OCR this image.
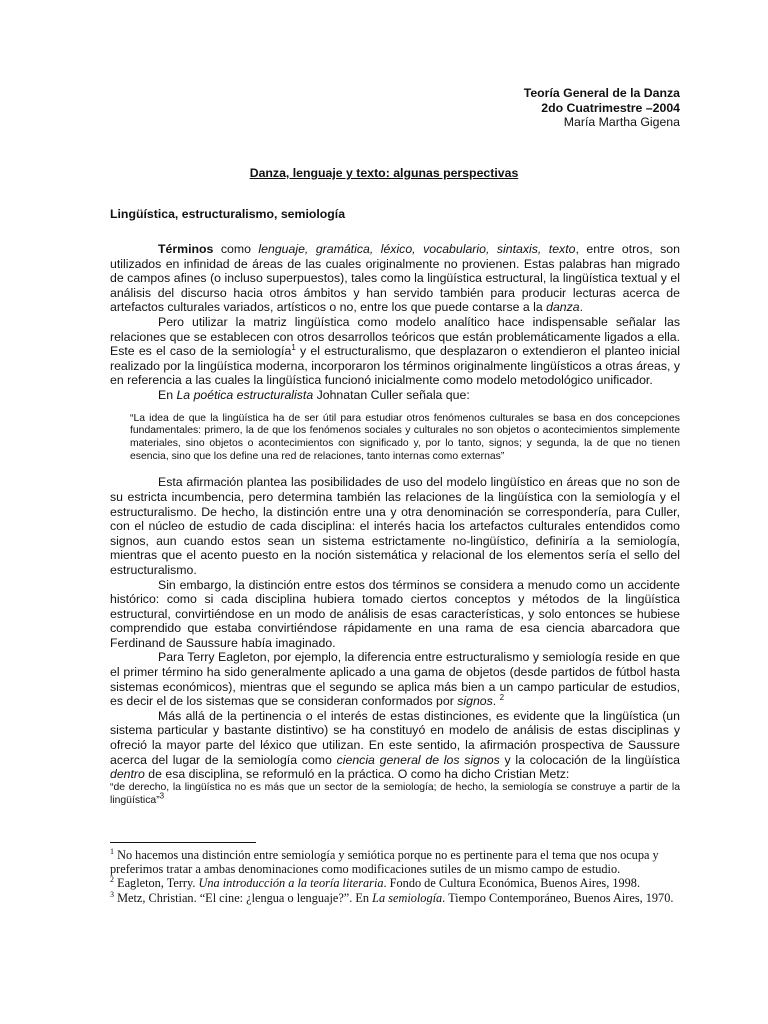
Teoría General de la Danza
2do Cuatrimestre –2004
María Martha Gigena
Danza, lenguaje y texto: algunas perspectivas
Lingüística, estructuralismo, semiología

Términos como lenguaje, gramática, léxico, vocabulario, sintaxis, texto, entre otros, son utilizados en infinidad de áreas de las cuales originalmente no provienen. Estas palabras han migrado de campos afines (o incluso superpuestos), tales como la lingüística estructural, la lingüística textual y el análisis del discurso hacia otros ámbitos y han servido también para producir lecturas acerca de artefactos culturales variados, artísticos o no, entre los que puede contarse a la danza.

Pero utilizar la matriz lingüística como modelo analítico hace indispensable señalar las relaciones que se establecen con otros desarrollos teóricos que están problemáticamente ligados a ella. Este es el caso de la semiología$^1$ y el estructuralismo, que desplazaron o extendieron el planteo inicial realizado por la lingüística moderna, incorporaron los términos originalmente lingüísticos a otras áreas, y en referencia a las cuales la lingüística funcionó inicialmente como modelo metodológico unificador.

En La poética estructuralista Johnatan Culler señala que:

“La idea de que la lingüística ha de ser útil para estudiar otros fenómenos culturales se basa en dos concepciones fundamentales: primero, la de que los fenómenos sociales y culturales no son objetos o acontecimientos simplemente materiales, sino objetos o acontecimientos con significado y, por lo tanto, signos; y segunda, la de que no tienen esencia, sino que los define una red de relaciones, tanto internas como externas”

Esta afirmación plantea las posibilidades de uso del modelo lingüístico en áreas que no son de su estricta incumbencia, pero determina también las relaciones de la lingüística con la semiología y el estructuralismo. De hecho, la distinción entre una y otra denominación se correspondería, para Culler, con el núcleo de estudio de cada disciplina: el interés hacia los artefactos culturales entendidos como signos, aun cuando estos sean un sistema estrictamente no-lingüístico, definiría a la semiología, mientras que el acento puesto en la noción sistemática y relacional de los elementos sería el sello del estructuralismo.

Sin embargo, la distinción entre estos dos términos se considera a menudo como un accidente histórico: como si cada disciplina hubiera tomado ciertos conceptos y métodos de la lingüística estructural, convirtiéndose en un modo de análisis de esas características, y solo entonces se hubiese comprendido que estaba convirtiéndose rápidamente en una rama de esa ciencia abarcadora que Ferdinand de Saussure había imaginado.

Para Terry Eagleton, por ejemplo, la diferencia entre estructuralismo y semiología reside en que el primer término ha sido generalmente aplicado a una gama de objetos (desde partidos de fútbol hasta sistemas económicos), mientras que el segundo se aplica más bien a un campo particular de estudios, es decir el de los sistemas que se consideran conformados por signos. $^2$

Más allá de la pertinencia o el interés de estas distinciones, es evidente que la lingüística (un sistema particular y bastante distintivo) se ha constituyó en modelo de análisis de estas disciplinas y ofreció la mayor parte del léxico que utilizan. En este sentido, la afirmación prospectiva de Saussure acerca del lugar de la semiología como ciencia general de los signos y la colocación de la lingüística dentro de esa disciplina, se reformuló en la práctica. O como ha dicho Cristian Metz:

“de derecho, la lingüística no es más que un sector de la semiología; de hecho, la semiología se construye a partir de la lingüística”$^3$

$^1$ No hacemos una distinción entre semiología y semiótica porque no es pertinente para el tema que nos ocupa y preferimos tratar a ambas denominaciones como modificaciones sutiles de un mismo campo de estudio.

$^2$ Eagleton, Terry. Una introducción a la teoría literaria. Fondo de Cultura Económica, Buenos Aires, 1998.

$^3$ Metz, Christian. “El cine: ¿lengua o lenguaje?”. En La semiología. Tiempo Contemporáneo, Buenos Aires, 1970.
